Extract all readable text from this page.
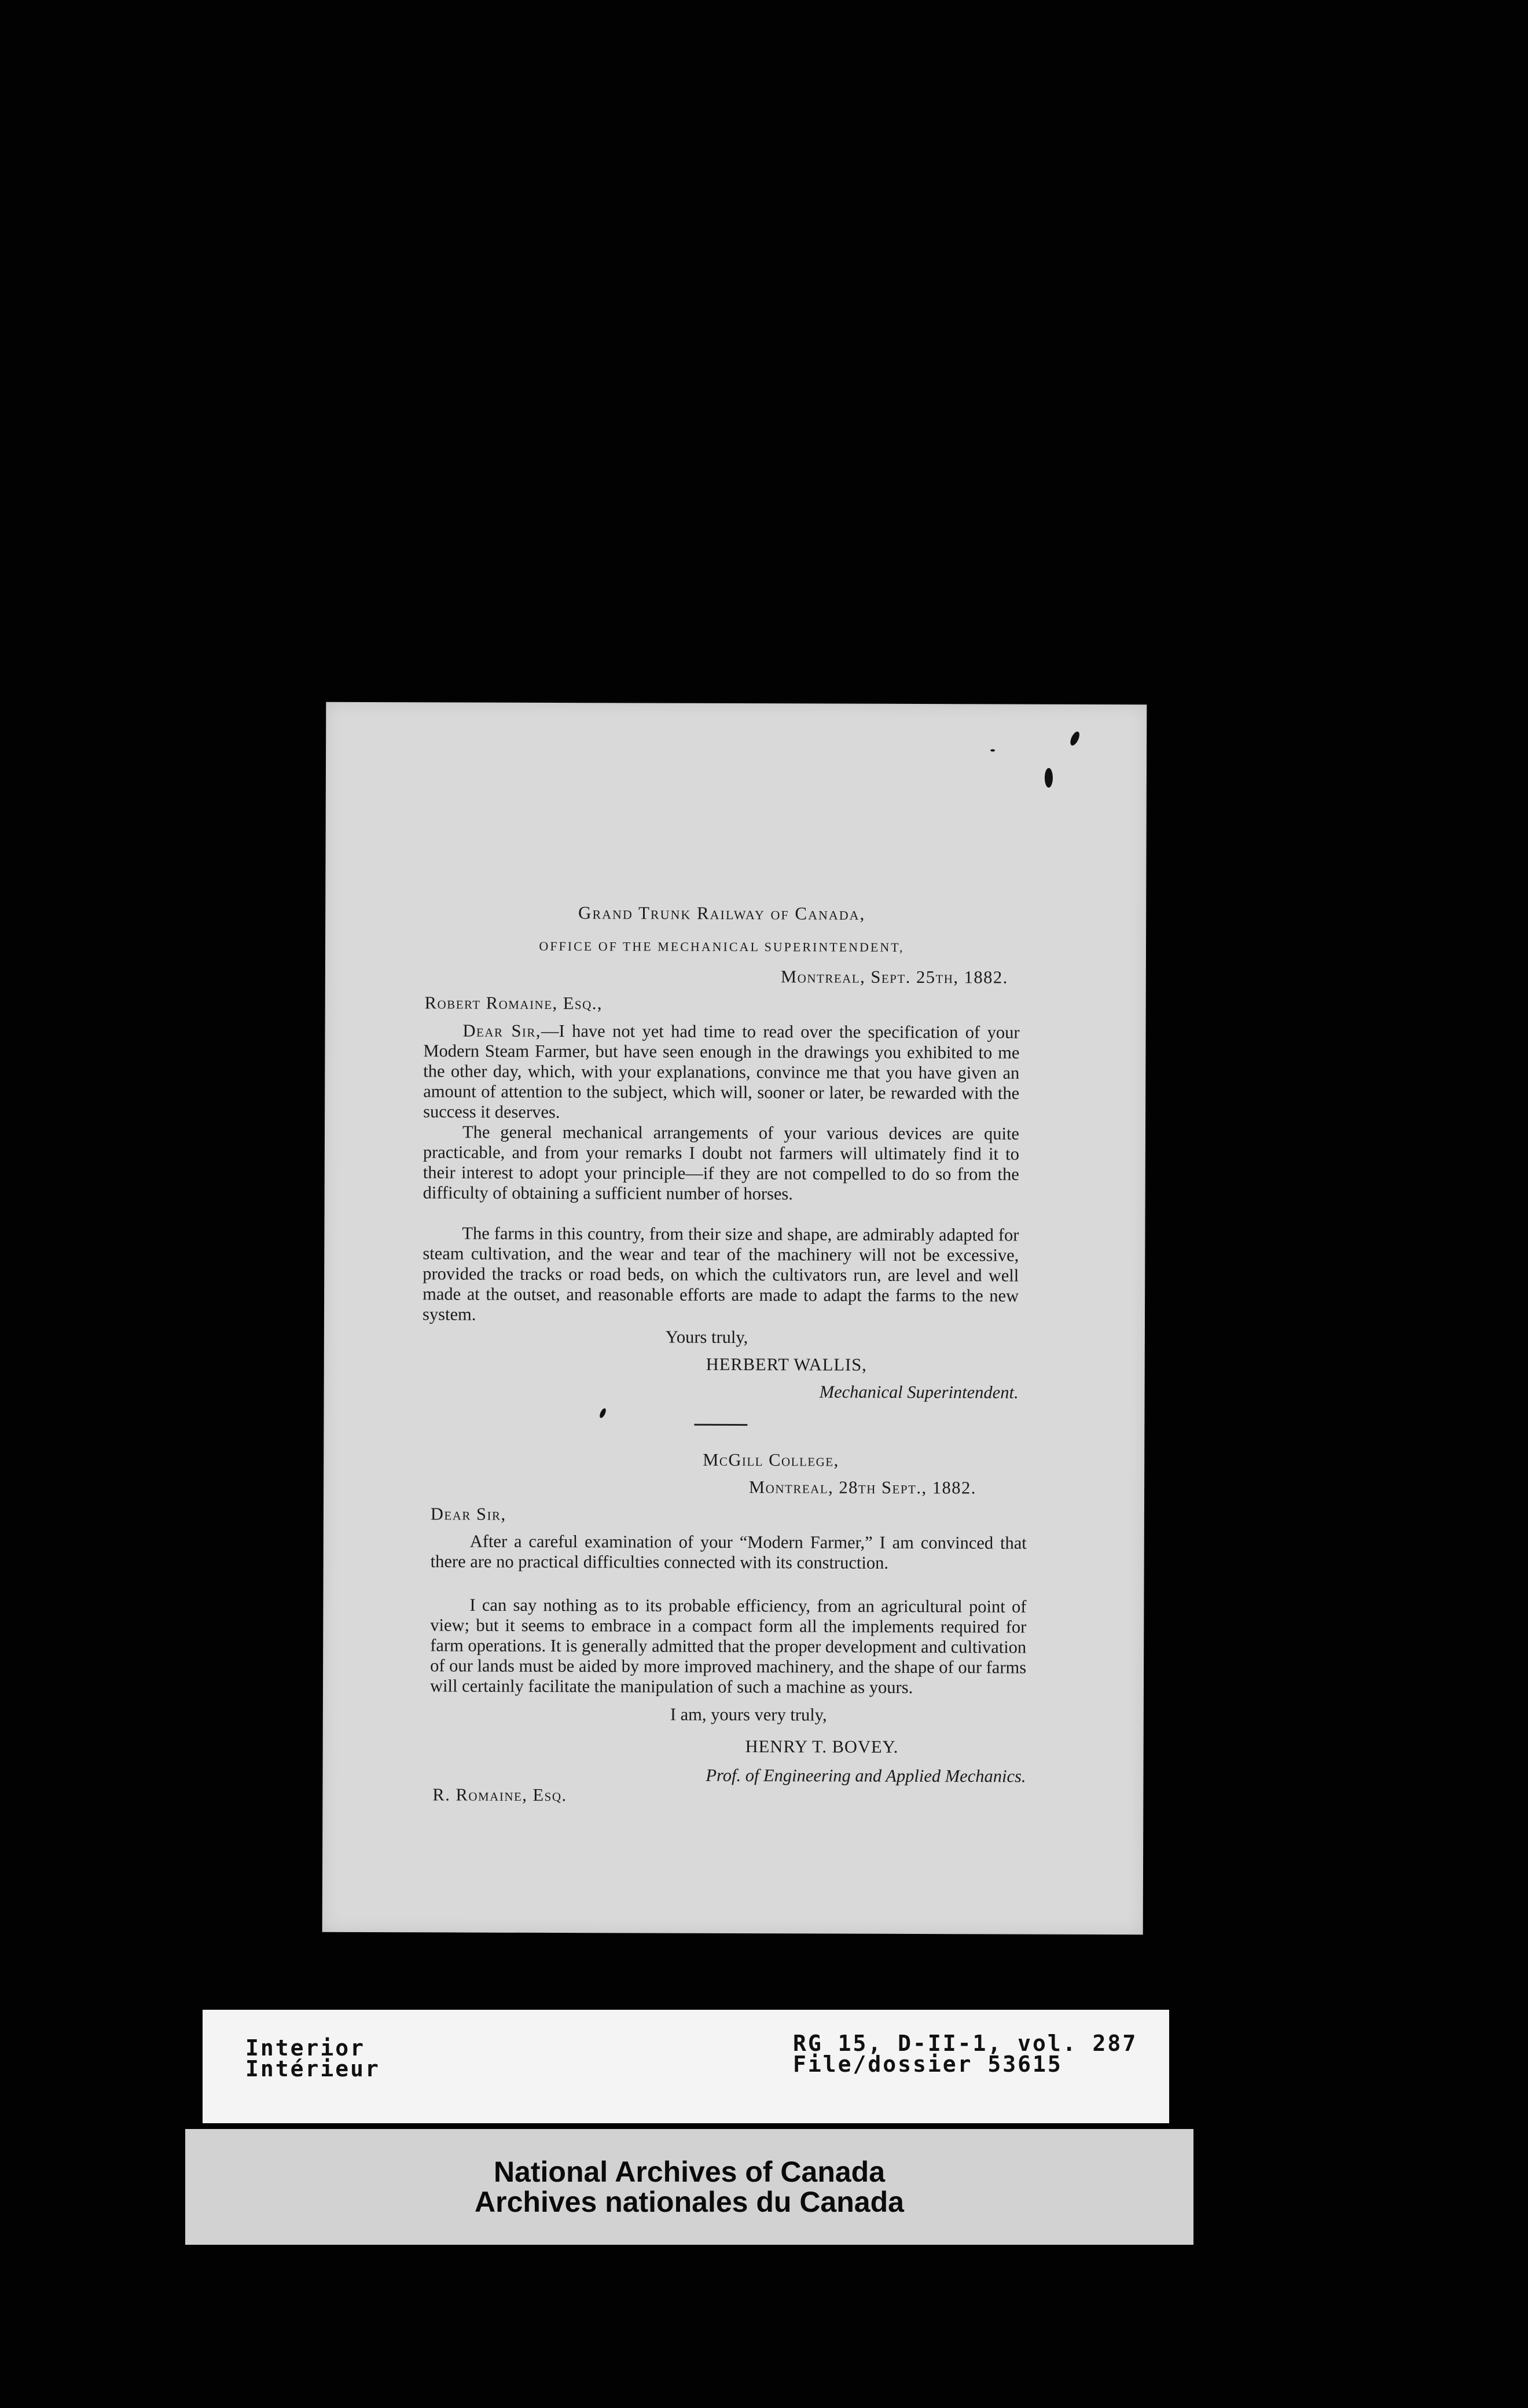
Grand Trunk Railway of Canada,
OFFICE OF THE MECHANICAL SUPERINTENDENT,
Montreal, Sept. 25th, 1882.
Robert Romaine, Esq.,
Dear Sir,—I have not yet had time to read over the specification of your Modern Steam Farmer, but have seen enough in the drawings you exhibited to me the other day, which, with your explanations, convince me that you have given an amount of attention to the subject, which will, sooner or later, be rewarded with the success it deserves.
The general mechanical arrangements of your various devices are quite practicable, and from your remarks I doubt not farmers will ultimately find it to their interest to adopt your principle—if they are not compelled to do so from the difficulty of obtaining a sufficient number of horses.
The farms in this country, from their size and shape, are admirably adapted for steam cultivation, and the wear and tear of the machinery will not be excessive, provided the tracks or road beds, on which the cultivators run, are level and well made at the outset, and reasonable efforts are made to adapt the farms to the new system.
Yours truly,
HERBERT WALLIS,
Mechanical Superintendent.
McGill College,
Montreal, 28th Sept., 1882.
Dear Sir,
After a careful examination of your “Modern Farmer,” I am convinced that there are no practical difficulties connected with its construction.
I can say nothing as to its probable efficiency, from an agricultural point of view; but it seems to embrace in a compact form all the implements required for farm operations. It is generally admitted that the proper development and cultivation of our lands must be aided by more improved machinery, and the shape of our farms will certainly facilitate the manipulation of such a machine as yours.
I am, yours very truly,
HENRY T. BOVEY.
Prof. of Engineering and Applied Mechanics.
R. Romaine, Esq.
Interior
Intérieur
RG 15, D-II-1, vol. 287
File/dossier 53615
National Archives of Canada
Archives nationales du Canada
